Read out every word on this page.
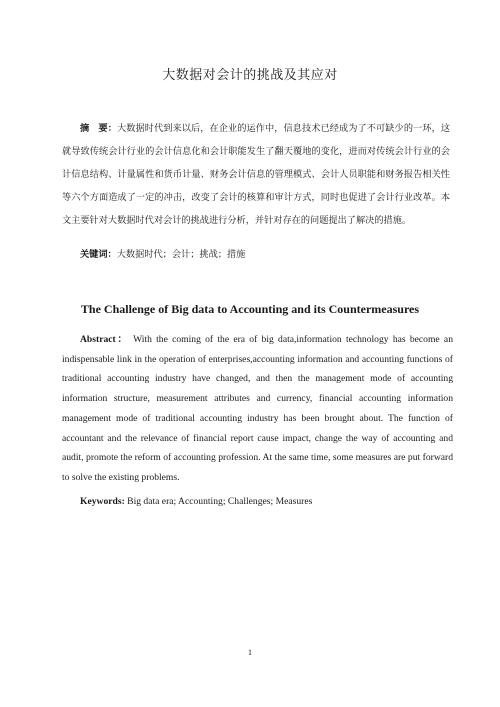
大数据对会计的挑战及其应对
摘　要：大数据时代到来以后，在企业的运作中，信息技术已经成为了不可缺少的一环，这就导致传统会计行业的会计信息化和会计职能发生了翻天覆地的变化，进而对传统会计行业的会计信息结构、计量属性和货币计量、财务会计信息的管理模式、会计人员职能和财务报告相关性等六个方面造成了一定的冲击，改变了会计的核算和审计方式，同时也促进了会计行业改革。本文主要针对大数据时代对会计的挑战进行分析，并针对存在的问题提出了解决的措施。
关键词：大数据时代；会计；挑战；措施
The Challenge of Big data to Accounting and its Countermeasures
Abstract： With the coming of the era of big data,information technology has become an indispensable link in the operation of enterprises,accounting information and accounting functions of traditional accounting industry have changed, and then the management mode of accounting information structure, measurement attributes and currency, financial accounting information management mode of traditional accounting industry has been brought about. The function of accountant and the relevance of financial report cause impact, change the way of accounting and audit, promote the reform of accounting profession. At the same time, some measures are put forward to solve the existing problems.
Keywords: Big data era; Accounting; Challenges; Measures
1
